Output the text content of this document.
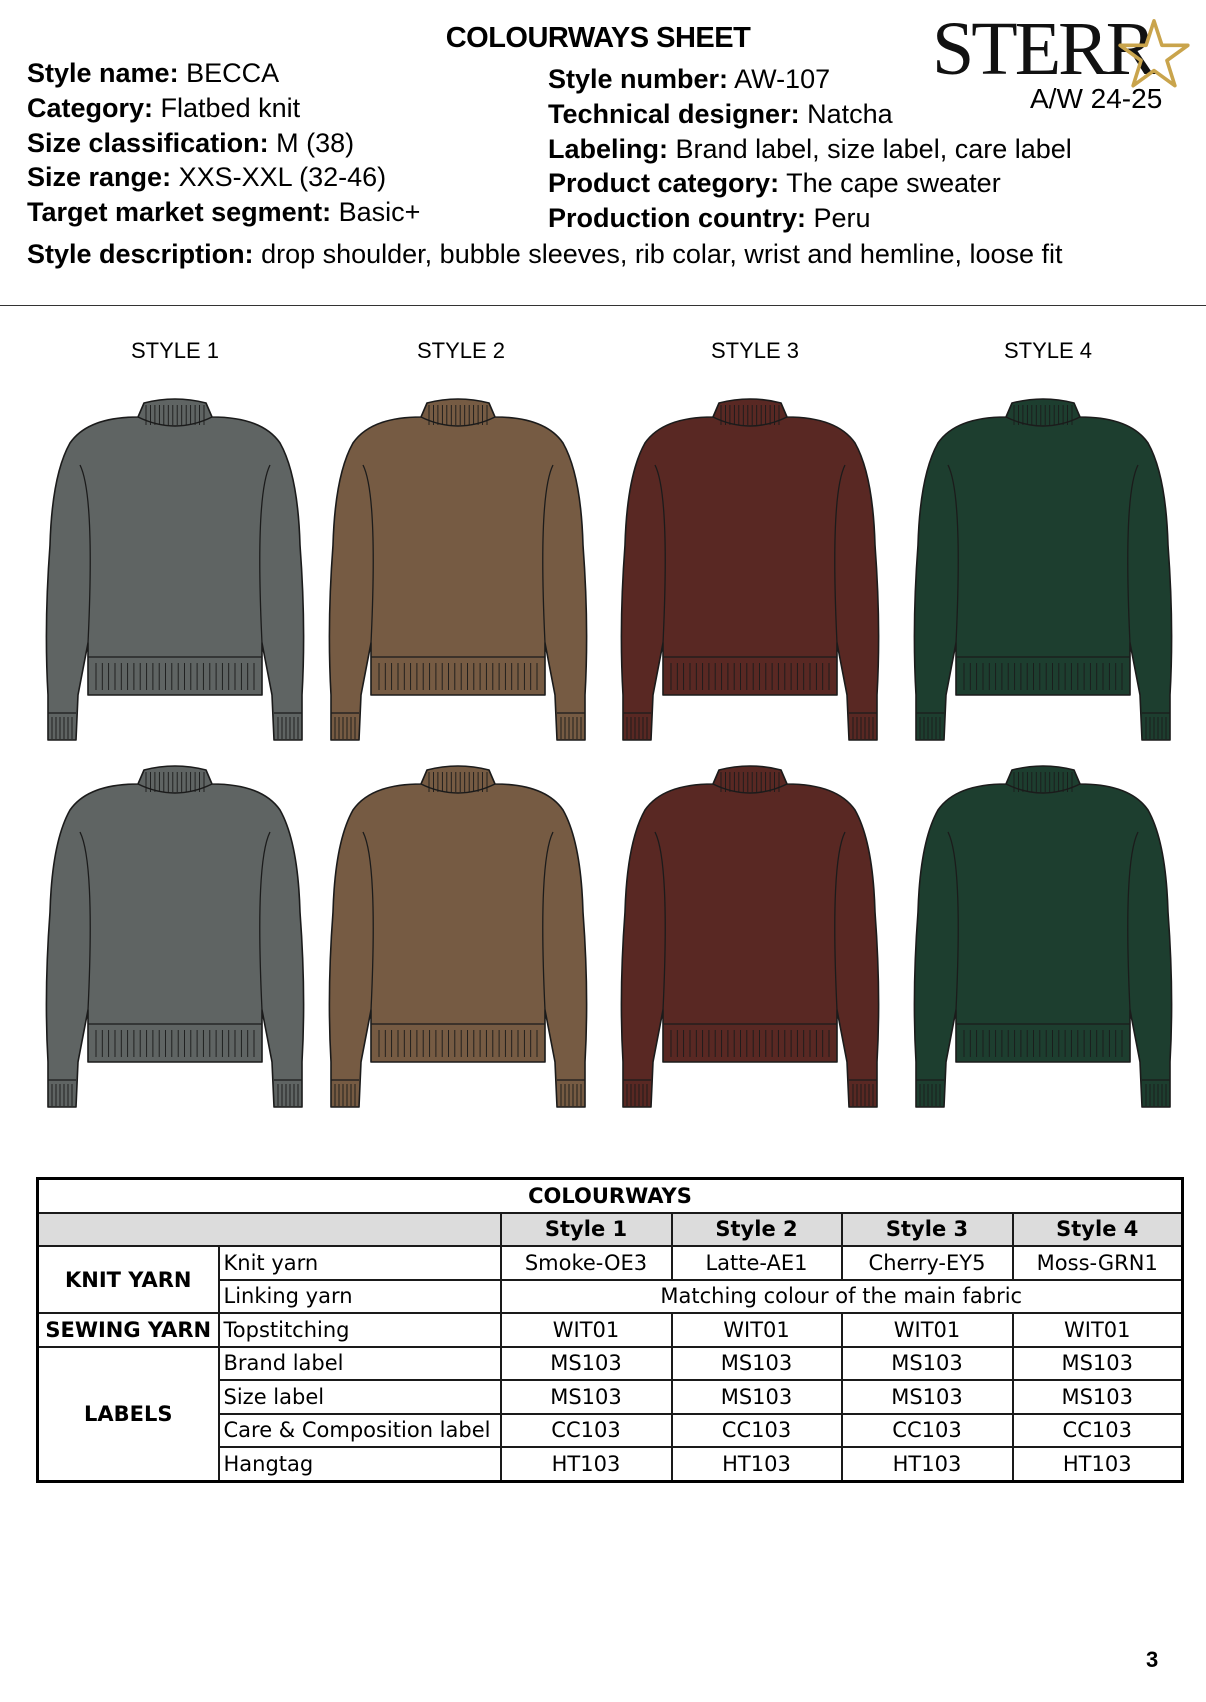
COLOURWAYS SHEET
Style name: BECCA
Category: Flatbed knit
Size classification: M (38)
Size range: XXS-XXL (32-46)
Target market segment: Basic+
Style number: AW-107
Technical designer: Natcha
Labeling: Brand label, size label, care label
Product category: The cape sweater
Production country: Peru
STERR
A/W 24-25
Style description: drop shoulder, bubble sleeves, rib colar, wrist and hemline, loose fit
STYLE 1	STYLE 2	STYLE 3	STYLE 4
COLOURWAYS					
		Style 1	Style 2	Style 3	Style 4
KNIT YARN	Knit yarn	Smoke-OE3	Latte-AE1	Cherry-EY5	Moss-GRN1
	Linking yarn	Matching colour of the main fabric			
SEWING YARN	Topstitching	WIT01	WIT01	WIT01	WIT01
LABELS	Brand label	MS103	MS103	MS103	MS103
	Size label	MS103	MS103	MS103	MS103
	Care & Composition label	CC103	CC103	CC103	CC103
	Hangtag	HT103	HT103	HT103	HT103
3
